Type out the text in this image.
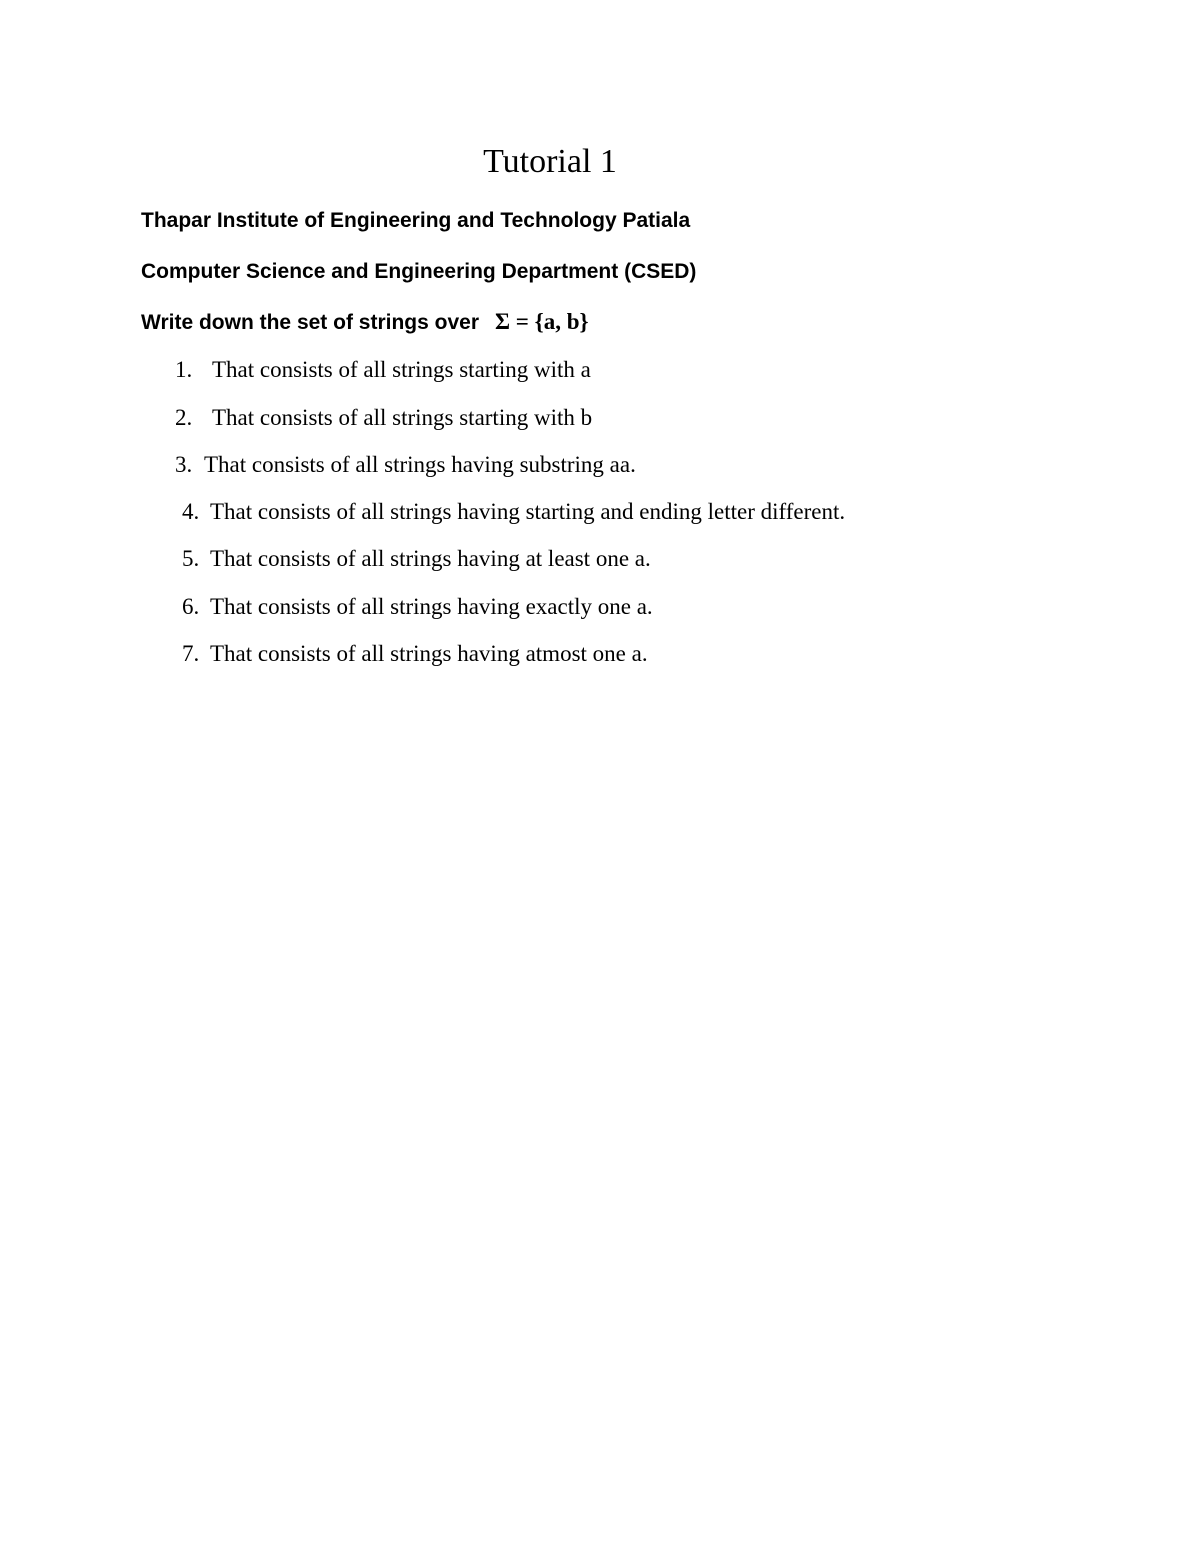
Tutorial 1

Thapar Institute of Engineering and Technology Patiala

Computer Science and Engineering Department (CSED)

Write down the set of strings over Σ = {a, b}

1. That consists of all strings starting with a
2. That consists of all strings starting with b
3. That consists of all strings having substring aa.
4. That consists of all strings having starting and ending letter different.
5. That consists of all strings having at least one a.
6. That consists of all strings having exactly one a.
7. That consists of all strings having atmost one a.
